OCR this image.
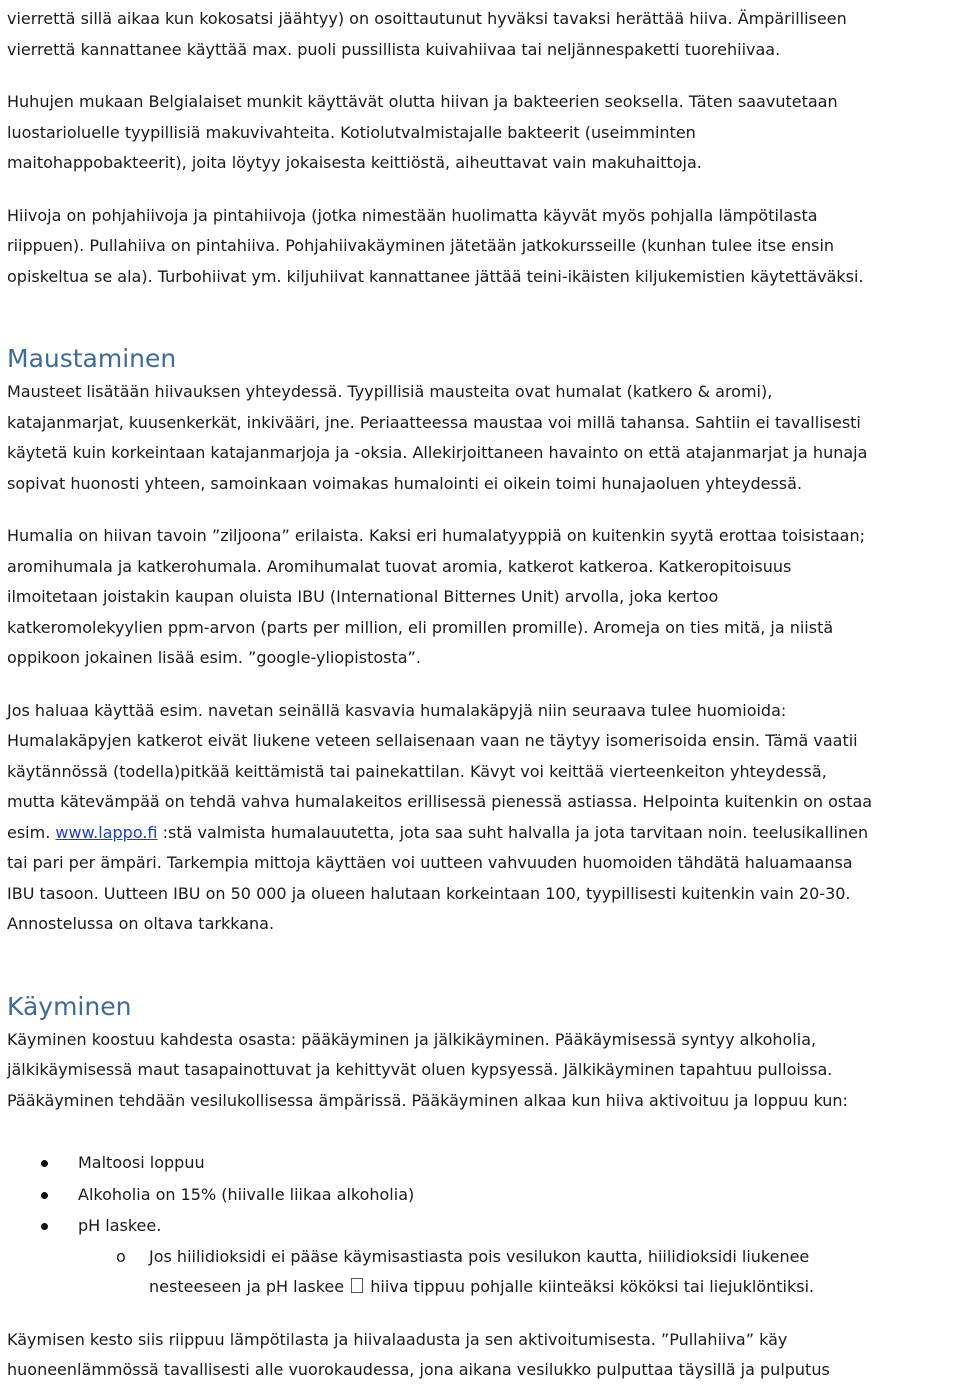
vierrettä sillä aikaa kun kokosatsi jäähtyy) on osoittautunut hyväksi tavaksi herättää hiiva. Ämpärilliseen
vierrettä kannattanee käyttää max. puoli pussillista kuivahiivaa tai neljännespaketti tuorehiivaa.

Huhujen mukaan Belgialaiset munkit käyttävät olutta hiivan ja bakteerien seoksella. Täten saavutetaan
luostarioluelle tyypillisiä makuvivahteita. Kotiolutvalmistajalle bakteerit (useimminten
maitohappobakteerit), joita löytyy jokaisesta keittiöstä, aiheuttavat vain makuhaittoja.

Hiivoja on pohjahiivoja ja pintahiivoja (jotka nimestään huolimatta käyvät myös pohjalla lämpötilasta
riippuen). Pullahiiva on pintahiiva. Pohjahiivakäyminen jätetään jatkokursseille (kunhan tulee itse ensin
opiskeltua se ala). Turbohiivat ym. kiljuhiivat kannattanee jättää teini-ikäisten kiljukemistien käytettäväksi.

Maustaminen

Mausteet lisätään hiivauksen yhteydessä. Tyypillisiä mausteita ovat humalat (katkero & aromi),
katajanmarjat, kuusenkerkät, inkivääri, jne. Periaatteessa maustaa voi millä tahansa. Sahtiin ei tavallisesti
käytetä kuin korkeintaan katajanmarjoja ja -oksia. Allekirjoittaneen havainto on että atajanmarjat ja hunaja
sopivat huonosti yhteen, samoinkaan voimakas humalointi ei oikein toimi hunajaoluen yhteydessä.

Humalia on hiivan tavoin ”ziljoona” erilaista. Kaksi eri humalatyyppiä on kuitenkin syytä erottaa toisistaan;
aromihumala ja katkerohumala. Aromihumalat tuovat aromia, katkerot katkeroa. Katkeropitoisuus
ilmoitetaan joistakin kaupan oluista IBU (International Bitternes Unit) arvolla, joka kertoo
katkeromolekyylien ppm-arvon (parts per million, eli promillen promille). Aromeja on ties mitä, ja niistä
oppikoon jokainen lisää esim. ”google-yliopistosta”.

Jos haluaa käyttää esim. navetan seinällä kasvavia humalakäpyjä niin seuraava tulee huomioida:
Humalakäpyjen katkerot eivät liukene veteen sellaisenaan vaan ne täytyy isomerisoida ensin. Tämä vaatii
käytännössä (todella)pitkää keittämistä tai painekattilan. Kävyt voi keittää vierteenkeiton yhteydessä,
mutta kätevämpää on tehdä vahva humalakeitos erillisessä pienessä astiassa. Helpointa kuitenkin on ostaa
esim. www.lappo.fi :stä valmista humalauutetta, jota saa suht halvalla ja jota tarvitaan noin. teelusikallinen
tai pari per ämpäri. Tarkempia mittoja käyttäen voi uutteen vahvuuden huomoiden tähdätä haluamaansa
IBU tasoon. Uutteen IBU on 50 000 ja olueen halutaan korkeintaan 100, tyypillisesti kuitenkin vain 20-30.
Annostelussa on oltava tarkkana.

Käyminen

Käyminen koostuu kahdesta osasta: pääkäyminen ja jälkikäyminen. Pääkäymisessä syntyy alkoholia,
jälkikäymisessä maut tasapainottuvat ja kehittyvät oluen kypsyessä. Jälkikäyminen tapahtuu pulloissa.
Pääkäyminen tehdään vesilukollisessa ämpärissä. Pääkäyminen alkaa kun hiiva aktivoituu ja loppuu kun:

Maltoosi loppuu
Alkoholia on 15% (hiivalle liikaa alkoholia)
pH laskee.
o Jos hiilidioksidi ei pääse käymisastiasta pois vesilukon kautta, hiilidioksidi liukenee
nesteeseen ja pH laskee  hiiva tippuu pohjalle kiinteäksi kököksi tai liejuklöntiksi.

Käymisen kesto siis riippuu lämpötilasta ja hiivalaadusta ja sen aktivoitumisesta. ”Pullahiiva” käy
huoneenlämmössä tavallisesti alle vuorokaudessa, jona aikana vesilukko pulputtaa täysillä ja pulputus
